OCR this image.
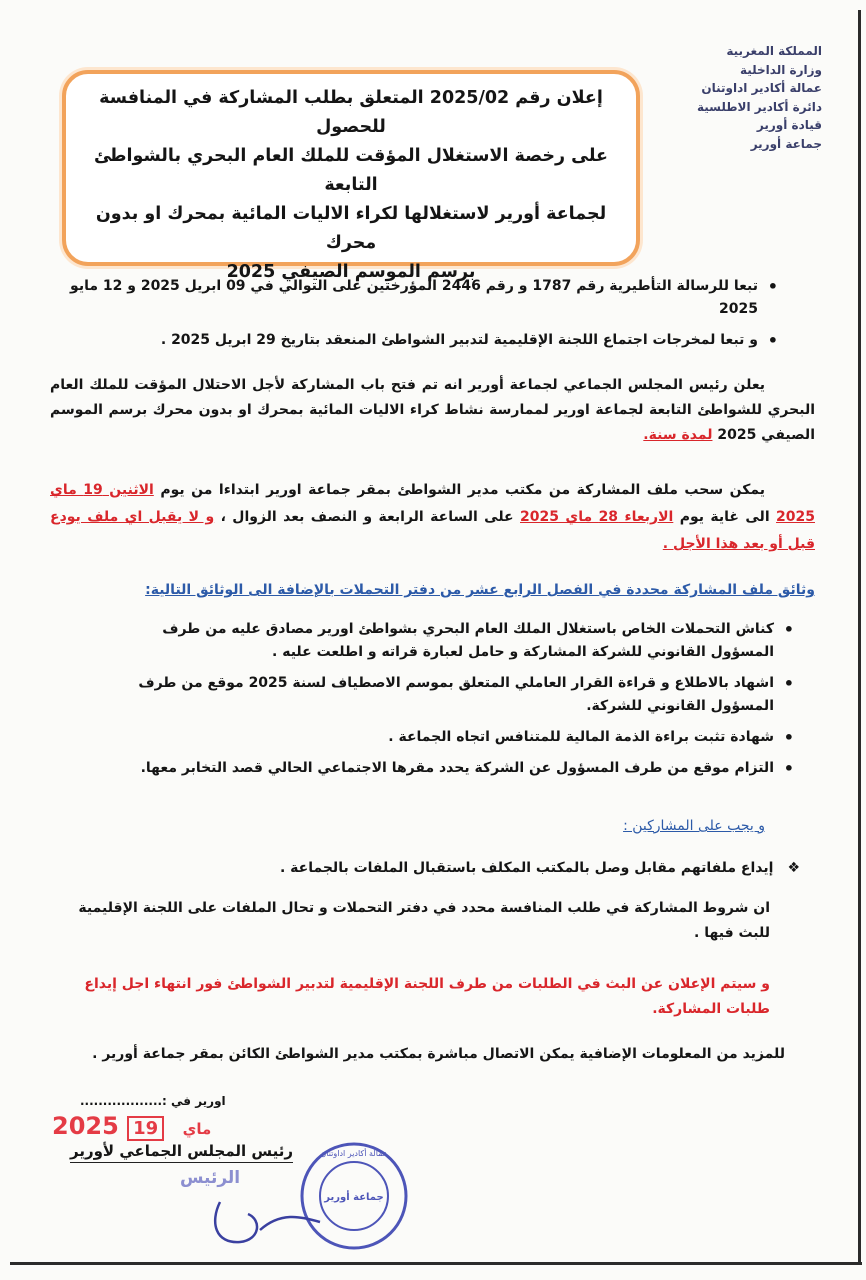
المملكة المغربية
وزارة الداخلية
عمالة أكادير اداوتنان
دائرة أكادير الاطلسية
قيادة أورير
جماعة أورير

إعلان رقم 2025/02 المتعلق بطلب المشاركة في المنافسة للحصول

على رخصة الاستغلال المؤقت للملك العام البحري بالشواطئ التابعة

لجماعة أورير لاستغلالها لكراء الاليات المائية بمحرك او بدون

محرك

برسم الموسم الصيفي 2025

• تبعا للرسالة التأطيرية رقم 1787 و رقم 2446 المؤرختين على التوالي في 09 ابريل 2025 و 12 مايو 2025
• و تبعا لمخرجات اجتماع اللجنة الإقليمية لتدبير الشواطئ المنعقد بتاريخ 29 ابريل 2025 .
يعلن رئيس المجلس الجماعي لجماعة أورير انه تم فتح باب المشاركة لأجل الاحتلال المؤقت للملك العام البحري للشواطئ التابعة لجماعة اورير لممارسة نشاط كراء الاليات المائية بمحرك او بدون محرك برسم الموسم الصيفي 2025 لمدة سنة.
يمكن سحب ملف المشاركة من مكتب مدير الشواطئ بمقر جماعة اورير ابتداءا من يوم الاثنين 19 ماي 2025 الى غاية يوم الاربعاء 28 ماي 2025 على الساعة الرابعة و النصف بعد الزوال ، و لا يقبل اي ملف يودع قبل أو بعد هذا الأجل .
وثائق ملف المشاركة محددة في الفصل الرابع عشر من دفتر التحملات بالإضافة الى الوثائق التالية:
• كناش التحملات الخاص باستغلال الملك العام البحري بشواطئ اورير مصادق عليه من طرف المسؤول القانوني للشركة المشاركة و حامل لعبارة قراته و اطلعت عليه .
• اشهاد بالاطلاع و قراءة القرار العاملي المتعلق بموسم الاصطياف لسنة 2025 موقع من طرف المسؤول القانوني للشركة.
• شهادة تثبت براءة الذمة المالية للمتنافس اتجاه الجماعة .
• التزام موقع من طرف المسؤول عن الشركة يحدد مقرها الاجتماعي الحالي قصد التخابر معها.
و يجب على المشاركين :
❖إيداع ملفاتهم مقابل وصل بالمكتب المكلف باستقبال الملفات بالجماعة .
ان شروط المشاركة في طلب المنافسة محدد في دفتر التحملات و تحال الملفات على اللجنة الإقليمية للبث فيها .
و سيتم الإعلان عن البث في الطلبات من طرف اللجنة الإقليمية لتدبير الشواطئ فور انتهاء اجل إيداع طلبات المشاركة.
للمزيد من المعلومات الإضافية يمكن الاتصال مباشرة بمكتب مدير الشواطئ الكائن بمقر جماعة أورير .
اورير في :..................
2025	ماي 19
رئيس المجلس الجماعي لأورير
الرئيس
عمالة أكادير اداوتنان
جماعة أورير
